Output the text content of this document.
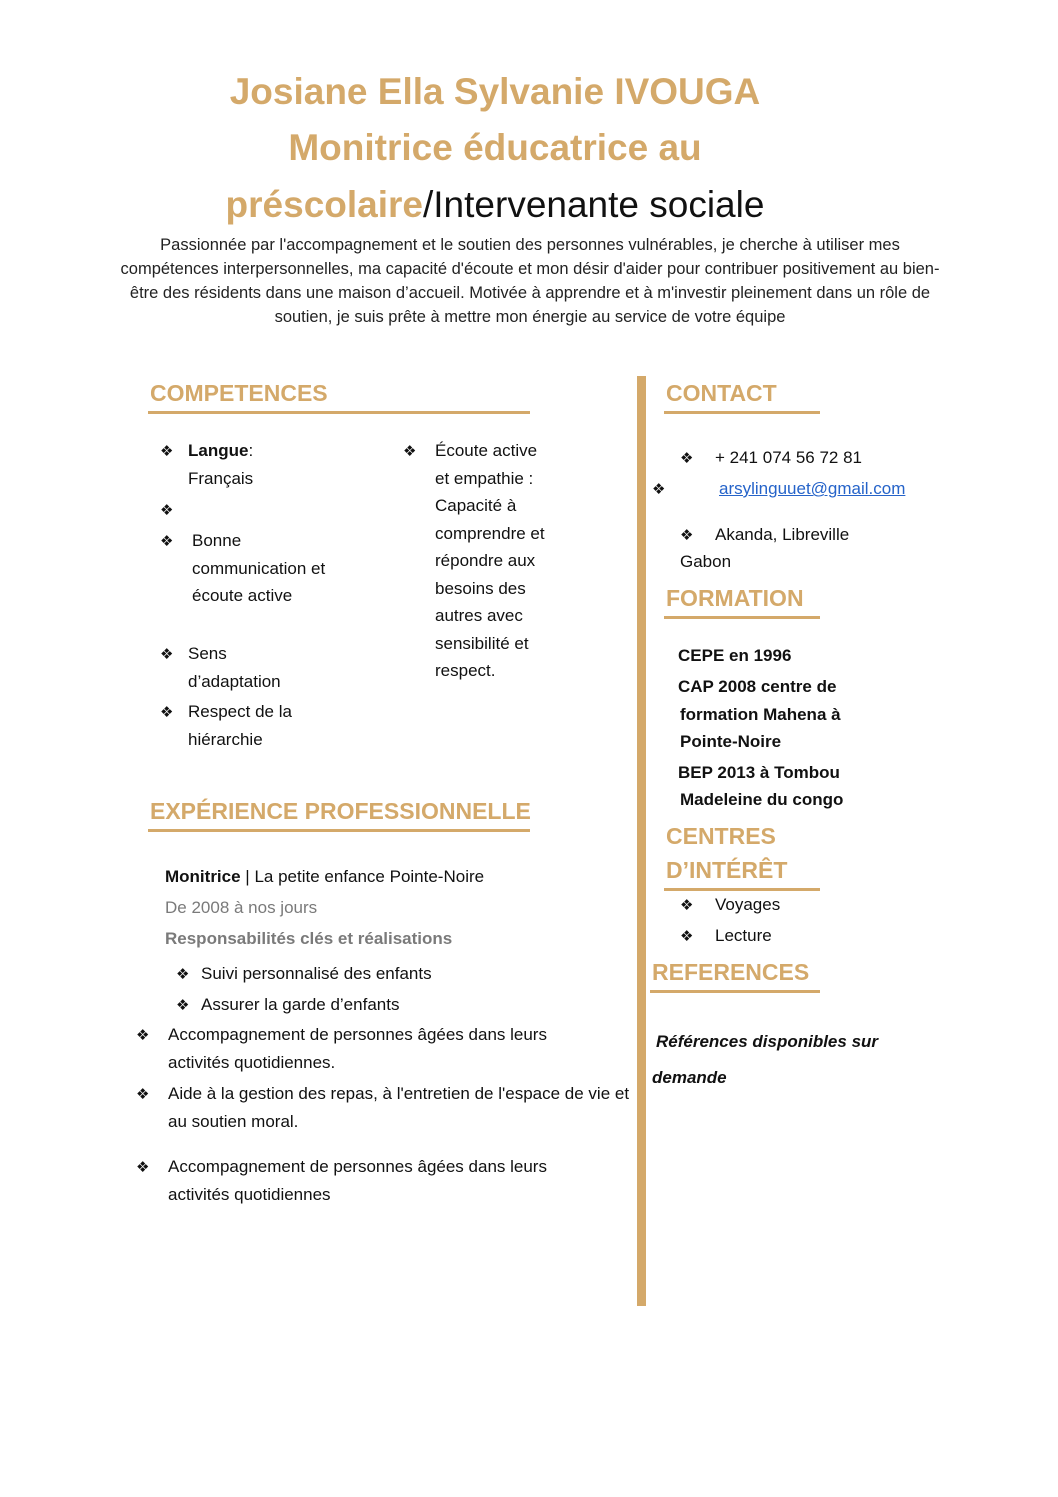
Josiane Ella Sylvanie IVOUGA
Monitrice éducatrice au
préscolaire/Intervenante sociale
Passionnée par l'accompagnement et le soutien des personnes vulnérables, je cherche à utiliser mes compétences interpersonnelles, ma capacité d'écoute et mon désir d'aider pour contribuer positivement au bien-être des résidents dans une maison d’accueil. Motivée à apprendre et à m'investir pleinement dans un rôle de soutien, je suis prête à mettre mon énergie au service de votre équipe
COMPETENCES
❖ Langue:
Français
❖
❖ Bonne communication et écoute active
❖ Sens d’adaptation
❖ Respect de la hiérarchie
❖ Écoute active et empathie : Capacité à comprendre et répondre aux besoins des autres avec sensibilité et respect.
EXPÉRIENCE PROFESSIONNELLE
Monitrice | La petite enfance Pointe-Noire
De 2008 à nos jours
Responsabilités clés et réalisations
❖ Suivi personnalisé des enfants
❖ Assurer la garde d’enfants
❖ Accompagnement de personnes âgées dans leurs activités quotidiennes.
❖ Aide à la gestion des repas, à l'entretien de l'espace de vie et au soutien moral.
❖ Accompagnement de personnes âgées dans leurs activités quotidiennes
CONTACT
❖ + 241 074 56 72 81
❖	arsylinguuet@gmail.com
❖ Akanda, Libreville
Gabon
FORMATION
CEPE en 1996
CAP 2008 centre de
formation Mahena à
Pointe-Noire
BEP 2013 à Tombou
Madeleine du congo
CENTRES
D’INTÉRÊT
❖ Voyages
❖ Lecture
REFERENCES
Références disponibles sur
demande
